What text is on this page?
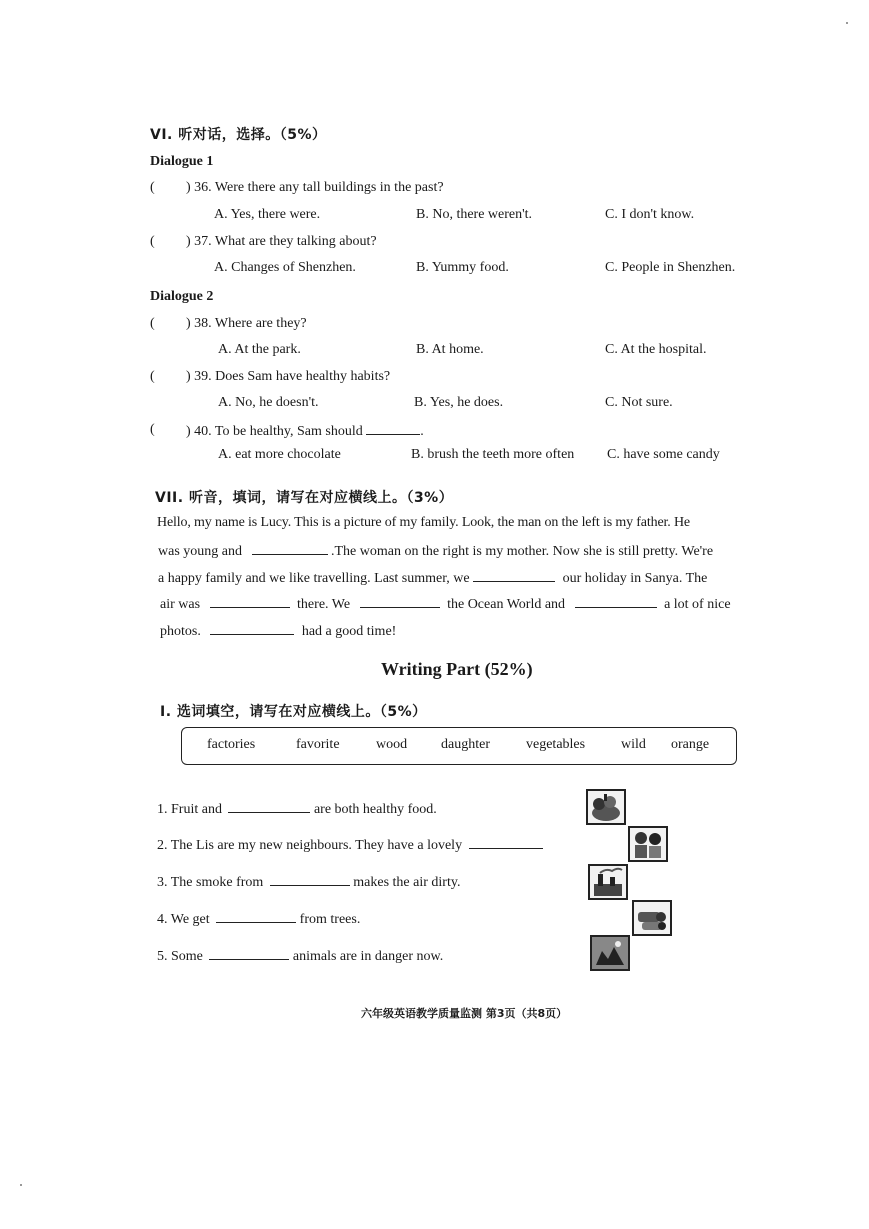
VI. 听对话，选择。（5%）
Dialogue 1
( ) 36. Were there any tall buildings in the past?
A. Yes, there were.	B. No, there weren't.	C. I don't know.
( ) 37. What are they talking about?
A. Changes of Shenzhen.	B. Yummy food.	C. People in Shenzhen.
Dialogue 2
( ) 38. Where are they?
A. At the park.	B. At home.	C. At the hospital.
( ) 39. Does Sam have healthy habits?
A. No, he doesn't.	B. Yes, he does.	C. Not sure.
( ) 40. To be healthy, Sam should	.
A. eat more chocolate	B. brush the teeth more often C. have some candy
VII. 听音，填词，请写在对应横线上。（3%）
Hello, my name is Lucy. This is a picture of my family. Look, the man on the left is my father. He
was young and	.The woman on the right is my mother. Now she is still pretty. We're
a happy family and we like travelling. Last summer, we	our holiday in Sanya. The
air was	there. We	the Ocean World and	a lot of nice
photos.	had a good time!
Writing Part (52%)
I. 选词填空，请写在对应横线上。（5%）
factories	favorite	wood daughter	vegetables	wild orange
1. Fruit and	are both healthy food.
2. The Lis are my new neighbours. They have a lovely
3. The smoke from	makes the air dirty.
4. We get	from trees.
5. Some	animals are in danger now.
六年级英语教学质量监测 第3页（共8页）
